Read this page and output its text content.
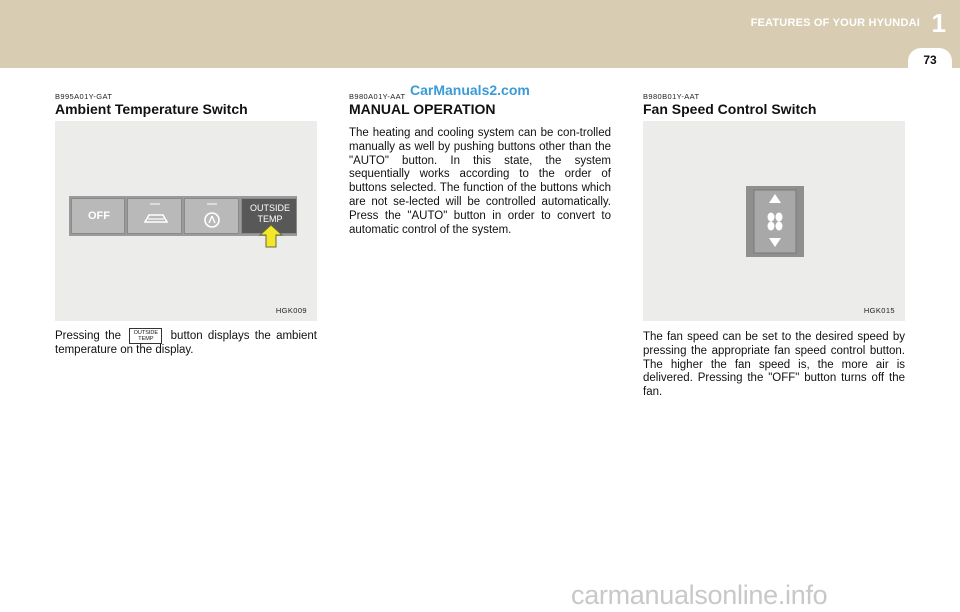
FEATURES OF YOUR HYUNDAI 1
73
B995A01Y-GAT
Ambient Temperature Switch
HGK009
OFF
OUTSIDE
TEMP
Pressing the OUTSIDE
TEMP button displays the ambient temperature on the display.
B980A01Y-AAT CarManuals2.com
MANUAL OPERATION
The heating and cooling system can be con-trolled manually as well by pushing buttons other than the "AUTO" button. In this state, the system sequentially works according to the order of buttons selected. The function of the buttons which are not se-lected will be controlled automatically. Press the "AUTO" button in order to convert to automatic control of the system.
B980B01Y-AAT
Fan Speed Control Switch
HGK015
The fan speed can be set to the desired speed by pressing the appropriate fan speed control button. The higher the fan speed is, the more air is delivered. Pressing the "OFF" button turns off the fan.
carmanualsonline.info
